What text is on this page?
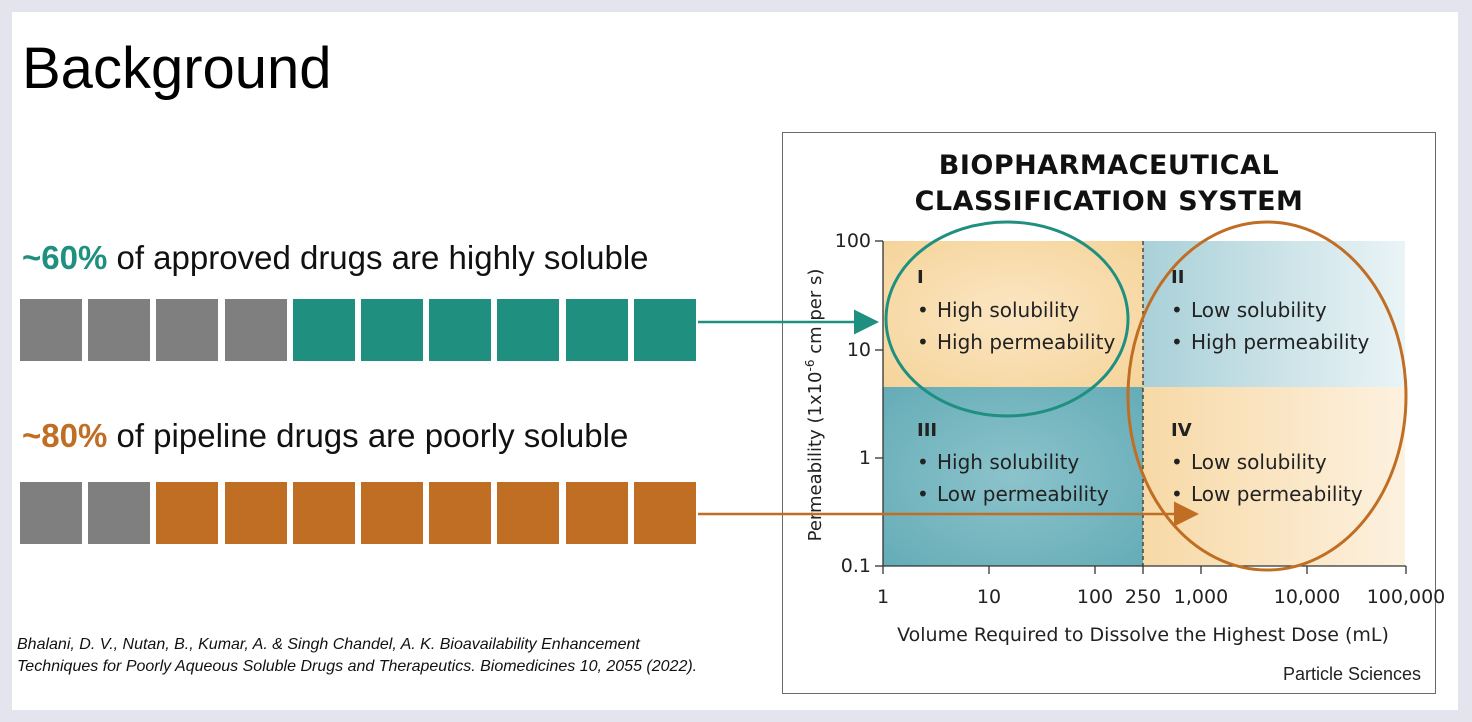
Background
~60% of approved drugs are highly soluble
~80% of pipeline drugs are poorly soluble
Bhalani, D. V., Nutan, B., Kumar, A. & Singh Chandel, A. K. Bioavailability Enhancement
Techniques for Poorly Aqueous Soluble Drugs and Therapeutics. Biomedicines 10, 2055 (2022).
BIOPHARMACEUTICAL
CLASSIFICATION SYSTEM
100
10
1
0.1
1	10	100 250 1,000 10,000 100,000
Permeability ($1x10^{-6}$ cm per s)
Volume Required to Dissolve the Highest Dose (mL)
I
• High solubility
• High permeability
II
• Low solubility
• High permeability
III
• High solubility
• Low permeability
IV
• Low solubility
• Low permeability
Particle Sciences
